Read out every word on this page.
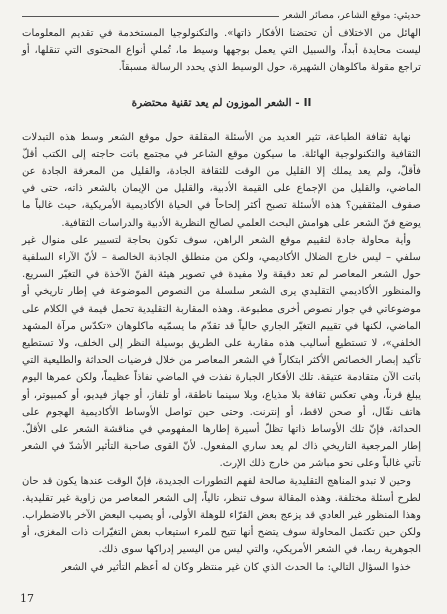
حديثي: موقع الشاعر، مصائر الشعر

الهائل من الاختلاف أن تحتضنا الأفكار ذاتها». والتكنولوجيا المستخدمة في تقديم المعلومات ليست محايدة أبداً، والسبيل التي يعمل بوجهها وسيط ما، تُملي أنواع المحتوى التي تنقلها، أو تراجع مقولة ماكلوهان الشهيرة، حول الوسيط الذي يحدد الرسالة مسبقاً.

II- الشعر الموزون لم يعد تقنية محتضرة

نهاية ثقافة الطباعة، تثير العديد من الأسئلة المقلقة حول موقع الشعر وسط هذه التبدلات الثقافية والتكنولوجية الهائلة. ما سيكون موقع الشاعر في مجتمع باتت حاجته إلى الكتب أقلّ فأقلّ، ولم يعد يملك إلا القليل من الوقت للثقافة الجادة، والقليل من المعرفة الجادة عن الماضي، والقليل من الإجماع على القيمة الأدبية، والقليل من الإيمان بالشعر ذاته، حتى في صفوف المثقفين؟ هذه الأسئلة تصبح أكثر إلحاحاً في الحياة الأكاديمية الأمريكية، حيث غالباً ما يوضع فنّ الشعر على هوامش البحث العلمي لصالح النظرية الأدبية والدراسات الثقافية.

وأية محاولة جادة لتقييم موقع الشعر الراهن، سوف تكون بحاجة لتسيير على منوال غير سلفي – ليس خارج الضلال الأكاديمي، ولكن من منطلق الجاذبة الخالصة – لأنّ الآراء السلفية حول الشعر المعاصر لم تعد دقيقة ولا مفيدة في تصوير هيئة الفنّ الآخذة في التغيّر السريع. والمنظور الأكاديمي التقليدي يرى الشعر سلسلة من النصوص الموضوعة في إطار تاريخي أو موضوعاتي في جوار نصوص أخرى مطبوعة. وهذه المقاربة التقليدية تحمل قيمة في الكلام على الماضي، لكنها في تقييم التغيّر الجاري حالياً قد تقدّم ما يسمّيه ماكلوهان «تكدّس مرآة المشهد الخلفي»، لا تستطيع أساليب هذه مقاربة على الطريق بوسيلة النظر إلى الخلف، ولا تستطيع تأكيد إبصار الخصائص الأكثر ابتكاراً في الشعر المعاصر من خلال فرضيات الحداثة والطليعية التي باتت الآن متقادمة عتيقة. تلك الأفكار الجبارة نفذت في الماضي نفاذاً عظيماً، ولكن عمرها اليوم يبلغ قرناً، وهي تعكس ثقافة بلا مذياع، وبلا سينما ناطقة، أو تلفاز، أو جهاز فيديو، أو كمبيوتر، أو هاتف نقّال، أو صحن لاقط، أو إنترنت. وحتى حين تواصل الأوساط الأكاديمية الهجوم على الحداثة، فإنّ تلك الأوساط ذاتها تظلّ أسيرة إطارها المفهومي في مناقشة الشعر على الأقلّ. إطار المرجعية التاريخي ذاك لم يعد ساري المفعول. لأنّ القوى صاحبة التأثير الأشدّ في الشعر تأتي غالباً وعلى نحو مباشر من خارج ذلك الإرث.

وحين لا تبدو المناهج التقليدية صالحة لفهم التطورات الجديدة، فإنّ الوقت عندها يكون قد حان لطرح أسئلة مختلفة. وهذه المقالة سوف تنظر، تالياً، إلى الشعر المعاصر من زاوية غير تقليدية. وهذا المنظور غير العادي قد يزعج بعض القرّاء للوهلة الأولى، أو يصيب البعض الآخر بالاضطراب. ولكن حين تكتمل المحاولة سوف يتضح أنها تتيح للمرء استيعاب بعض التغيّرات ذات المغزى، أو الجوهرية ربما، في الشعر الأمريكي، والتي ليس من اليسير إدراكها سوى ذلك.

خذوا السؤال التالي: ما الحدث الذي كان غير منتظر وكان له أعظم التأثير في الشعر

17
